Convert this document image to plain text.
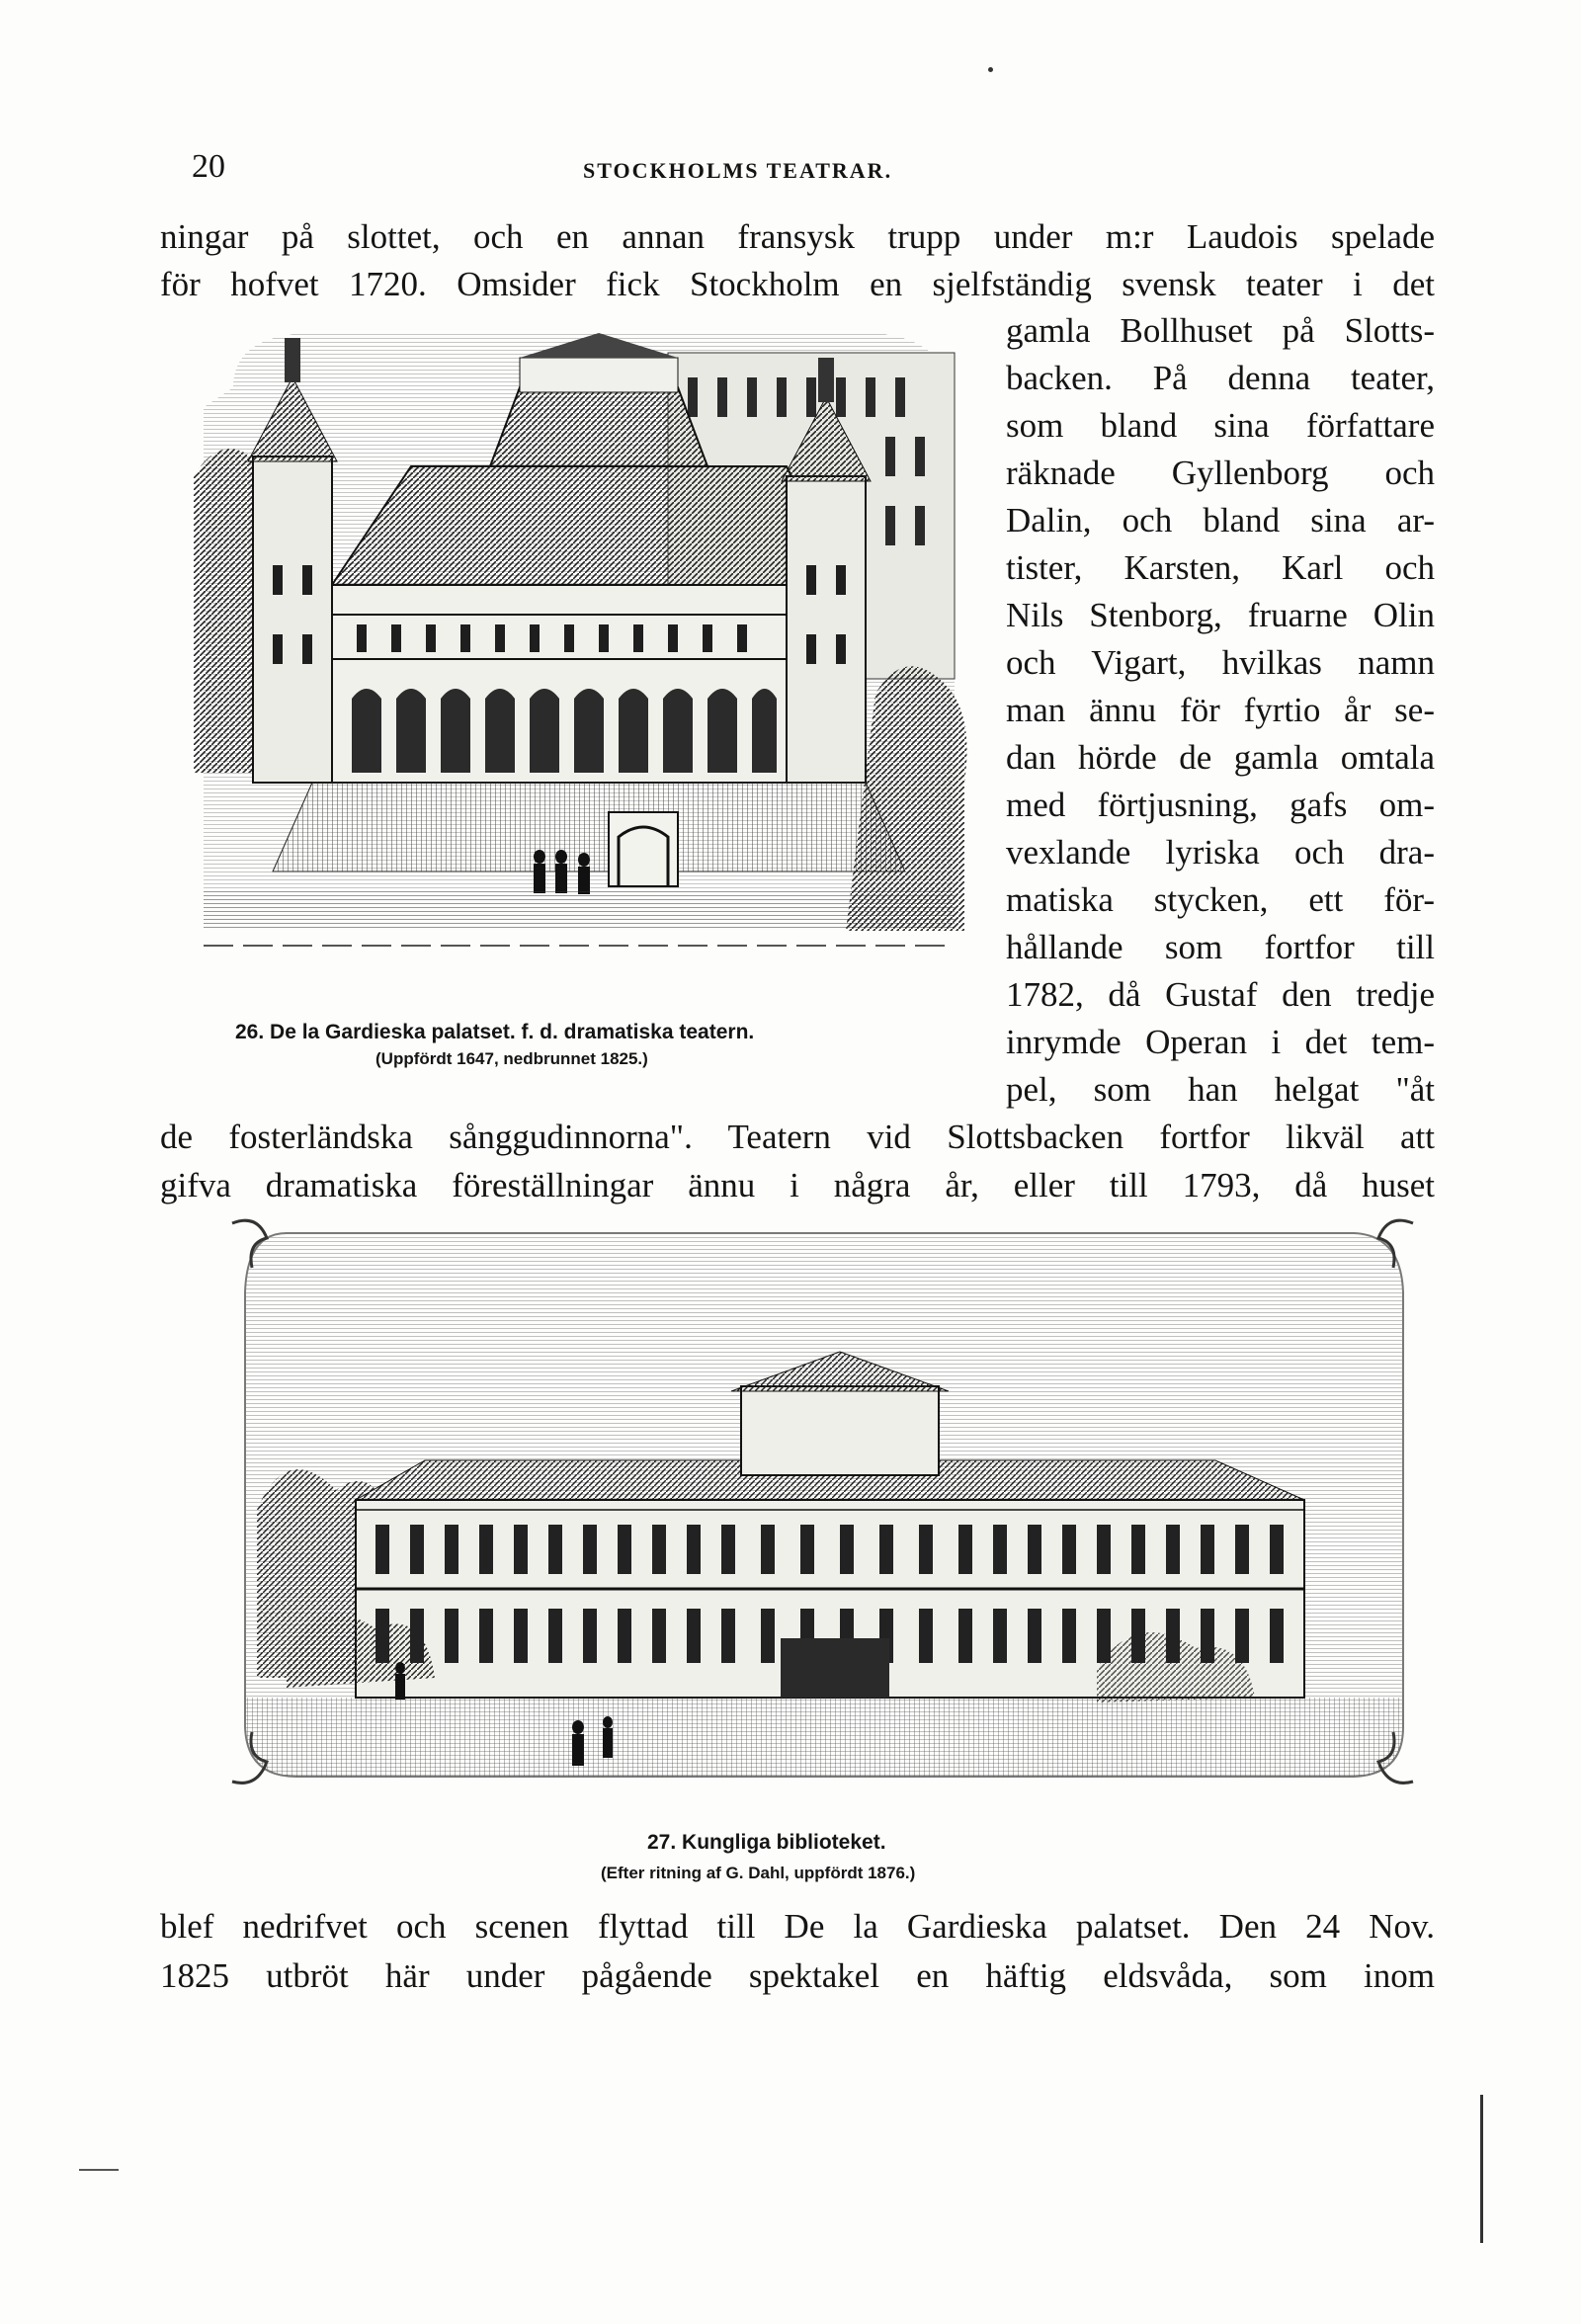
20	STOCKHOLMS TEATRAR.
ningar på slottet, och en annan fransysk trupp under m:r Laudois spelade
för hofvet 1720. Omsider fick Stockholm en sjelfständig svensk teater i det
gamla Bollhuset på Slotts-
backen. På denna teater,
som bland sina författare
räknade Gyllenborg och
Dalin, och bland sina ar-
tister, Karsten, Karl och
Nils Stenborg, fruarne Olin
och Vigart, hvilkas namn
man ännu för fyrtio år se-
dan hörde de gamla omtala
med förtjusning, gafs om-
vexlande lyriska och dra-
matiska stycken, ett för-
hållande som fortfor till
1782, då Gustaf den tredje
inrymde Operan i det tem-
pel, som han helgat "åt
26. De la Gardieska palatset. f. d. dramatiska teatern.
(Uppfördt 1647, nedbrunnet 1825.)
de fosterländska sånggudinnorna". Teatern vid Slottsbacken fortfor likväl att
gifva dramatiska föreställningar ännu i några år, eller till 1793, då huset
27. Kungliga biblioteket.
(Efter ritning af G. Dahl, uppfördt 1876.)
blef nedrifvet och scenen flyttad till De la Gardieska palatset. Den 24 Nov.
1825 utbröt här under pågående spektakel en häftig eldsvåda, som inom
